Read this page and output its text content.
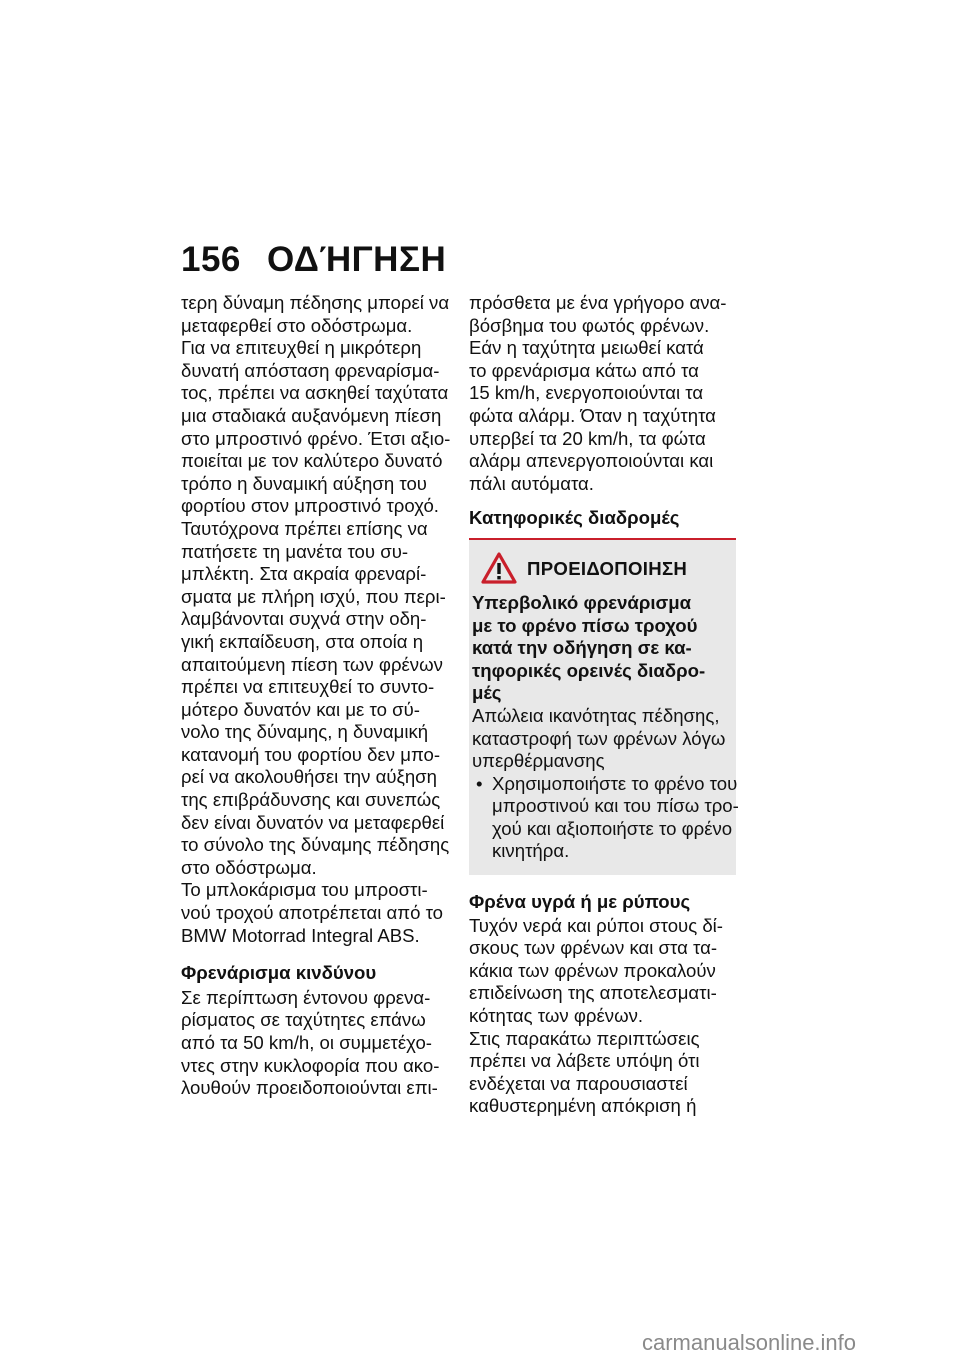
156 ΟΔΉΓΗΣΗ
τερη δύναμη πέδησης μπορεί να
μεταφερθεί στο οδόστρωμα.
Για να επιτευχθεί η μικρότερη
δυνατή απόσταση φρεναρίσμα-
τος, πρέπει να ασκηθεί ταχύτατα
μια σταδιακά αυξανόμενη πίεση
στο μπροστινό φρένο. Έτσι αξιο-
ποιείται με τον καλύτερο δυνατό
τρόπο η δυναμική αύξηση του
φορτίου στον μπροστινό τροχό.
Ταυτόχρονα πρέπει επίσης να
πατήσετε τη μανέτα του συ-
μπλέκτη. Στα ακραία φρεναρί-
σματα με πλήρη ισχύ, που περι-
λαμβάνονται συχνά στην οδη-
γική εκπαίδευση, στα οποία η
απαιτούμενη πίεση των φρένων
πρέπει να επιτευχθεί το συντο-
μότερο δυνατόν και με το σύ-
νολο της δύναμης, η δυναμική
κατανομή του φορτίου δεν μπο-
ρεί να ακολουθήσει την αύξηση
της επιβράδυνσης και συνεπώς
δεν είναι δυνατόν να μεταφερθεί
το σύνολο της δύναμης πέδησης
στο οδόστρωμα.
Το μπλοκάρισμα του μπροστι-
νού τροχού αποτρέπεται από το
BMW Motorrad Integral ABS.
Φρενάρισμα κινδύνου
Σε περίπτωση έντονου φρενα-
ρίσματος σε ταχύτητες επάνω
από τα 50 km/h, οι συμμετέχο-
ντες στην κυκλοφορία που ακο-
λουθούν προειδοποιούνται επι-
πρόσθετα με ένα γρήγορο ανα-
βόσβημα του φωτός φρένων.
Εάν η ταχύτητα μειωθεί κατά
το φρενάρισμα κάτω από τα
15 km/h, ενεργοποιούνται τα
φώτα αλάρμ. Όταν η ταχύτητα
υπερβεί τα 20 km/h, τα φώτα
αλάρμ απενεργοποιούνται και
πάλι αυτόματα.
Κατηφορικές διαδρομές
ΠΡΟΕΙΔΟΠΟΙΗΣΗ
Υπερβολικό φρενάρισμα
με το φρένο πίσω τροχού
κατά την οδήγηση σε κα-
τηφορικές ορεινές διαδρο-
μές
Απώλεια ικανότητας πέδησης,
καταστροφή των φρένων λόγω
υπερθέρμανσης
• Χρησιμοποιήστε το φρένο του
μπροστινού και του πίσω τρο-
χού και αξιοποιήστε το φρένο
κινητήρα.
Φρένα υγρά ή με ρύπους
Τυχόν νερά και ρύποι στους δί-
σκους των φρένων και στα τα-
κάκια των φρένων προκαλούν
επιδείνωση της αποτελεσματι-
κότητας των φρένων.
Στις παρακάτω περιπτώσεις
πρέπει να λάβετε υπόψη ότι
ενδέχεται να παρουσιαστεί
καθυστερημένη απόκριση ή
carmanualsonline.info
